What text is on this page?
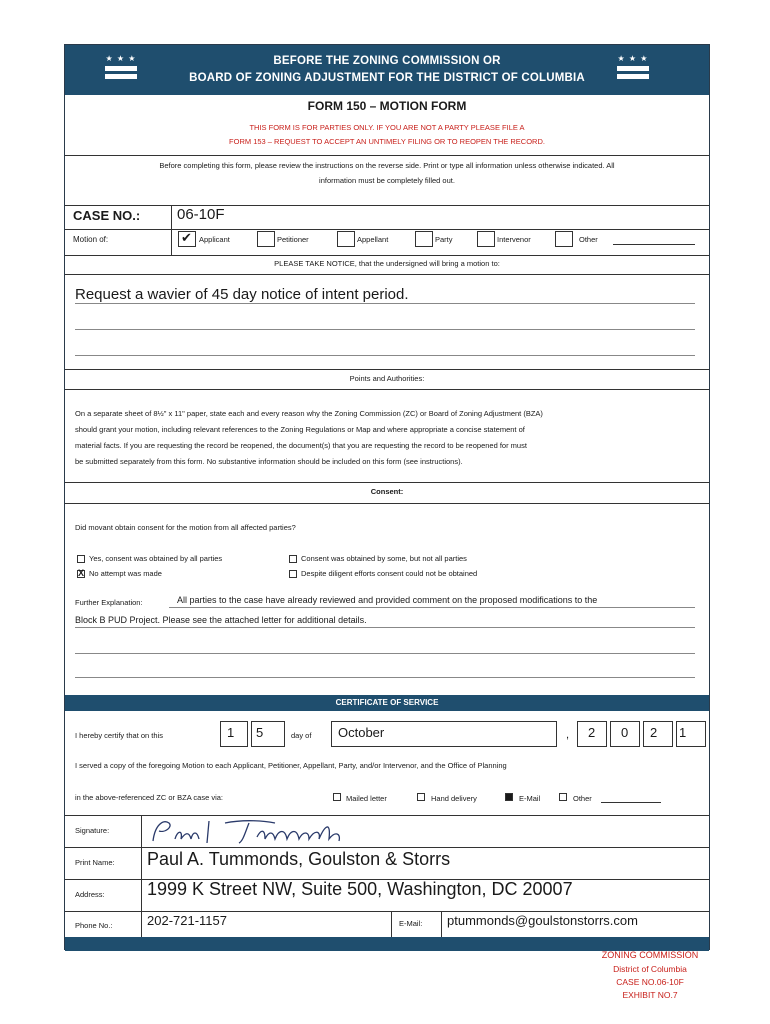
★ ★ ★	BEFORE THE ZONING COMMISSION OR
BOARD OF ZONING ADJUSTMENT FOR THE DISTRICT OF COLUMBIA
★ ★ ★
FORM 150 – MOTION FORM
THIS FORM IS FOR PARTIES ONLY. IF YOU ARE NOT A PARTY PLEASE FILE A
FORM 153 – REQUEST TO ACCEPT AN UNTIMELY FILING OR TO REOPEN THE RECORD.
Before completing this form, please review the instructions on the reverse side. Print or type all information unless otherwise indicated. All
information must be completely filled out.
CASE NO.: 06-10F
Motion of:	✔ Applicant	Petitioner	Appellant	Party	Intervenor	Other
PLEASE TAKE NOTICE, that the undersigned will bring a motion to:
Request a wavier of 45 day notice of intent period.
Points and Authorities:
On a separate sheet of 8½" x 11" paper, state each and every reason why the Zoning Commission (ZC) or Board of Zoning Adjustment (BZA)
should grant your motion, including relevant references to the Zoning Regulations or Map and where appropriate a concise statement of
material facts. If you are requesting the record be reopened, the document(s) that you are requesting the record to be reopened for must
be submitted separately from this form. No substantive information should be included on this form (see instructions).
Consent:
Did movant obtain consent for the motion from all affected parties?
Yes, consent was obtained by all parties
X No attempt was made
Consent was obtained by some, but not all parties
Despite diligent efforts consent could not be obtained
Further Explanation:	All parties to the case have already reviewed and provided comment on the proposed modifications to the
Block B PUD Project. Please see the attached letter for additional details.
CERTIFICATE OF SERVICE
I hereby certify that on this	1 5	day of October	, 2 0 2 1
I served a copy of the foregoing Motion to each Applicant, Petitioner, Appellant, Party, and/or Intervenor, and the Office of Planning
in the above-referenced ZC or BZA case via:	Mailed letter	Hand delivery	E-Mail	Other
Signature:
Print Name: Paul A. Tummonds, Goulston & Storrs
Address: 1999 K Street NW, Suite 500, Washington, DC 20007
Phone No.:	202-721-1157	E-Mail: ptummonds@goulstonstorrs.com
ZONING COMMISSION
District of Columbia
CASE NO.06-10F
EXHIBIT NO.7
